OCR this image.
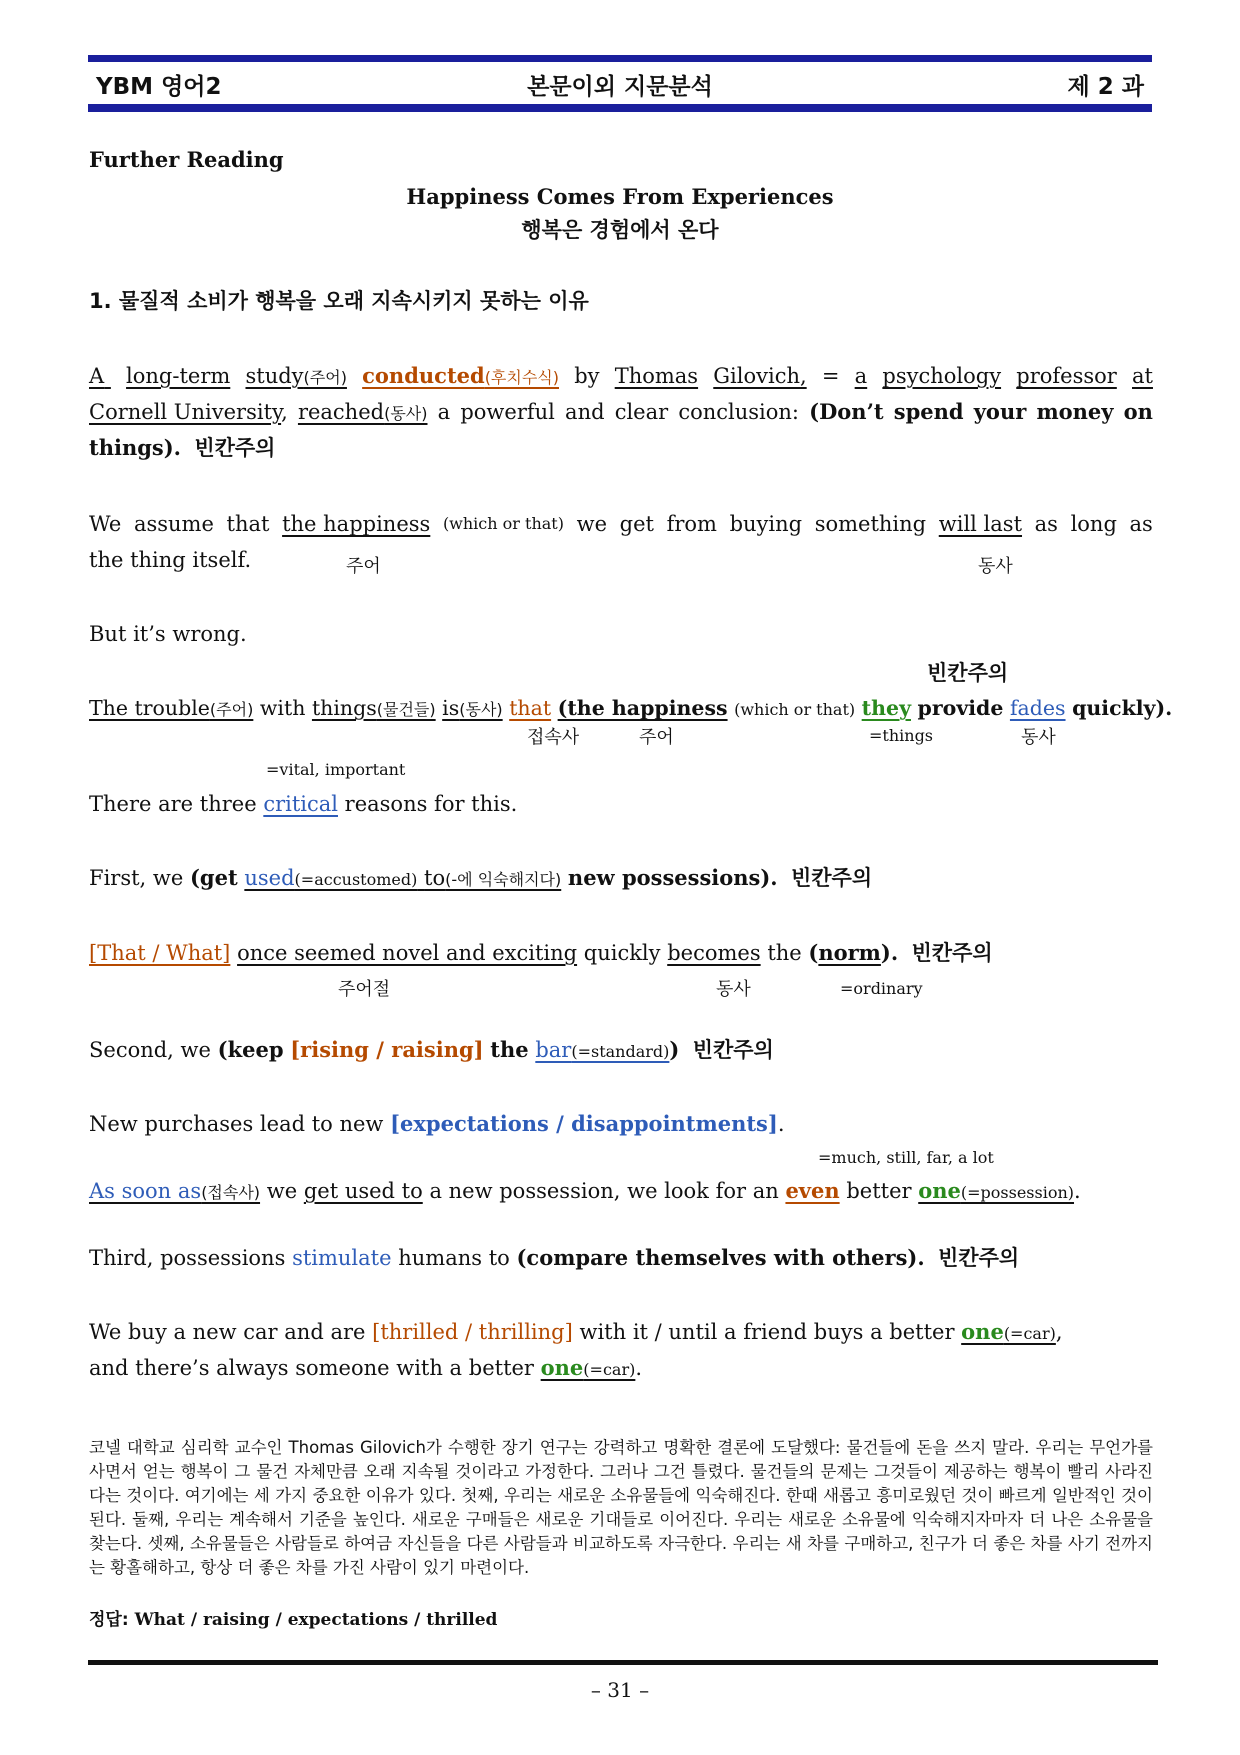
YBM 영어2	본문이외 지문분석	제 2 과
Further Reading
Happiness Comes From Experiences
행복은 경험에서 온다
1. 물질적 소비가 행복을 오래 지속시키지 못하는 이유
A	long-term study(주어) conducted(후치수식) by Thomas Gilovich, = a psychology professor at
Cornell University, reached(동사) a powerful and clear conclusion: (Don’t spend your money on
things). 빈칸주의
We assume that the happiness (which or that) we get from buying something will last as long as
the thing itself.	주어	동사
But it’s wrong.
빈칸주의
The trouble(주어) with things(물건들) is(동사) that (the happiness (which or that) they provide fades quickly).
접속사	주어	=things	동사
=vital, important
There are three critical reasons for this.
First, we (get used(=accustomed) to(-에 익숙해지다) new possessions). 빈칸주의
[That / What] once seemed novel and exciting quickly becomes the (norm). 빈칸주의
주어절	동사	=ordinary
Second, we (keep [rising / raising] the bar(=standard)) 빈칸주의
New purchases lead to new [expectations / disappointments].
=much, still, far, a lot
As soon as(접속사) we get used to a new possession, we look for an even better one(=possession).
Third, possessions stimulate humans to (compare themselves with others). 빈칸주의
We buy a new car and are [thrilled / thrilling] with it / until a friend buys a better one(=car),
and there’s always someone with a better one(=car).
코넬 대학교 심리학 교수인 Thomas Gilovich가 수행한 장기 연구는 강력하고 명확한 결론에 도달했다: 물건들에 돈을 쓰지 말라. 우리는 무언가를 사면서 얻는 행복이 그 물건 자체만큼 오래 지속될 것이라고 가정한다. 그러나 그건 틀렸다. 물건들의 문제는 그것들이 제공하는 행복이 빨리 사라진다는 것이다. 여기에는 세 가지 중요한 이유가 있다. 첫째, 우리는 새로운 소유물들에 익숙해진다. 한때 새롭고 흥미로웠던 것이 빠르게 일반적인 것이 된다. 둘째, 우리는 계속해서 기준을 높인다. 새로운 구매들은 새로운 기대들로 이어진다. 우리는 새로운 소유물에 익숙해지자마자 더 나은 소유물을 찾는다. 셋째, 소유물들은 사람들로 하여금 자신들을 다른 사람들과 비교하도록 자극한다. 우리는 새 차를 구매하고, 친구가 더 좋은 차를 사기 전까지는 황홀해하고, 항상 더 좋은 차를 가진 사람이 있기 마련이다.
정답: What / raising / expectations / thrilled
– 31 –
